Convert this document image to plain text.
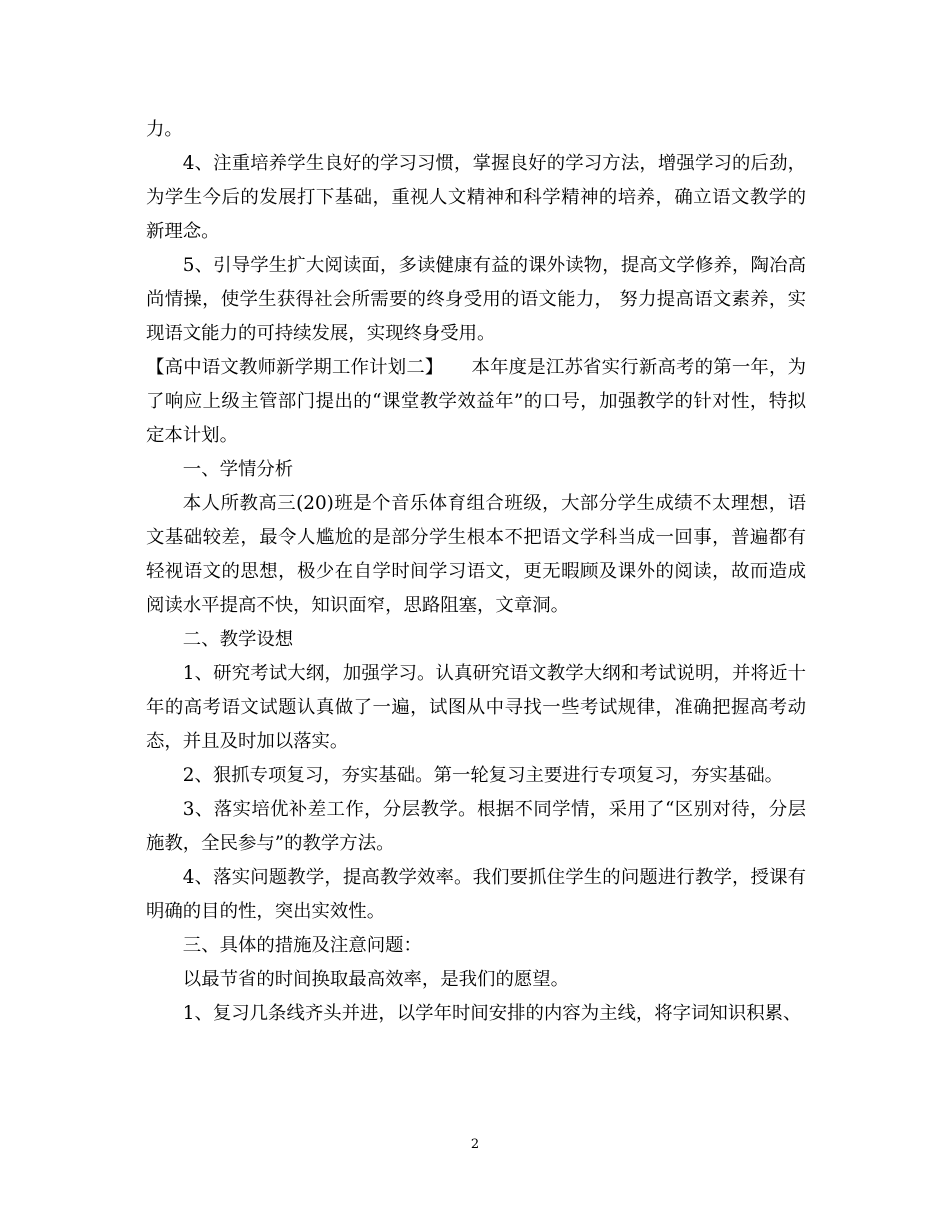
力。

4、注重培养学生良好的学习习惯，掌握良好的学习方法，增强学习的后劲，为学生今后的发展打下基础，重视人文精神和科学精神的培养，确立语文教学的新理念。

5、引导学生扩大阅读面，多读健康有益的课外读物，提高文学修养，陶冶高尚情操，使学生获得社会所需要的终身受用的语文能力， 努力提高语文素养，实现语文能力的可持续发展，实现终身受用。

【高中语文教师新学期工作计划二】　　本年度是江苏省实行新高考的第一年，为了响应上级主管部门提出的“课堂教学效益年”的口号，加强教学的针对性，特拟定本计划。

一、学情分析

本人所教高三(20)班是个音乐体育组合班级，大部分学生成绩不太理想，语文基础较差，最令人尴尬的是部分学生根本不把语文学科当成一回事，普遍都有轻视语文的思想，极少在自学时间学习语文，更无暇顾及课外的阅读，故而造成阅读水平提高不快，知识面窄，思路阻塞，文章洞。

二、教学设想

1、研究考试大纲，加强学习。认真研究语文教学大纲和考试说明，并将近十年的高考语文试题认真做了一遍，试图从中寻找一些考试规律，准确把握高考动态，并且及时加以落实。

2、狠抓专项复习，夯实基础。第一轮复习主要进行专项复习，夯实基础。

3、落实培优补差工作，分层教学。根据不同学情，采用了“区别对待，分层施教，全民参与”的教学方法。

4、落实问题教学，提高教学效率。我们要抓住学生的问题进行教学，授课有明确的目的性，突出实效性。

三、具体的措施及注意问题：

以最节省的时间换取最高效率，是我们的愿望。

1、复习几条线齐头并进，以学年时间安排的内容为主线，将字词知识积累、

2
